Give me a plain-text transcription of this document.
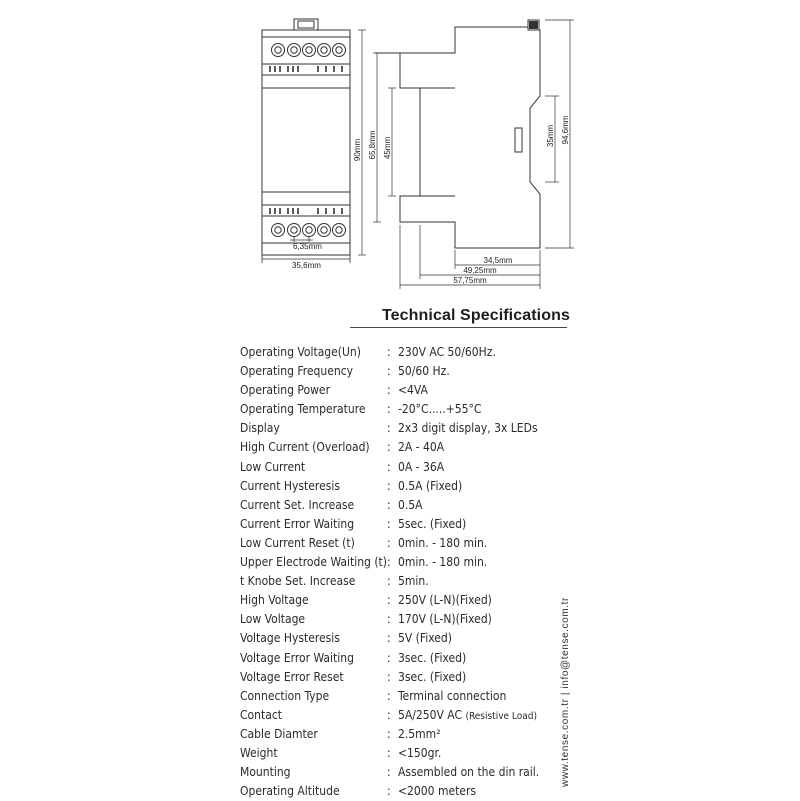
6,35mm
35,6mm
90mm 65,8mm 45mm
35mm 94,6mm
34,5mm
49,25mm
57,75mm
Technical Specifications
Operating Voltage(Un) : 230V AC 50/60Hz.
Operating Frequency	: 50/60 Hz.
Operating Power	: <4VA
Operating Temperature : -20°C.....+55°C
Display	: 2x3 digit display, 3x LEDs
High Current (Overload) : 2A - 40A
Low Current	: 0A - 36A
Current Hysteresis	: 0.5A (Fixed)
Current Set. Increase	: 0.5A
Current Error Waiting	: 5sec. (Fixed)
Low Current Reset (t)	: 0min. - 180 min.
Upper Electrode Waiting (t) : 0min. - 180 min.
t Knobe Set. Increase	: 5min.
High Voltage	: 250V (L-N)(Fixed)
Low Voltage	: 170V (L-N)(Fixed)
Voltage Hysteresis	: 5V (Fixed)
Voltage Error Waiting	: 3sec. (Fixed)
Voltage Error Reset	: 3sec. (Fixed)
Connection Type	: Terminal connection
Contact	: 5A/250V AC (Resistive Load)
Cable Diamter	: 2.5mm²
Weight	: <150gr.
Mounting	: Assembled on the din rail.
Operating Altitude	: <2000 meters
www.tense.com.tr | info@tense.com.tr
